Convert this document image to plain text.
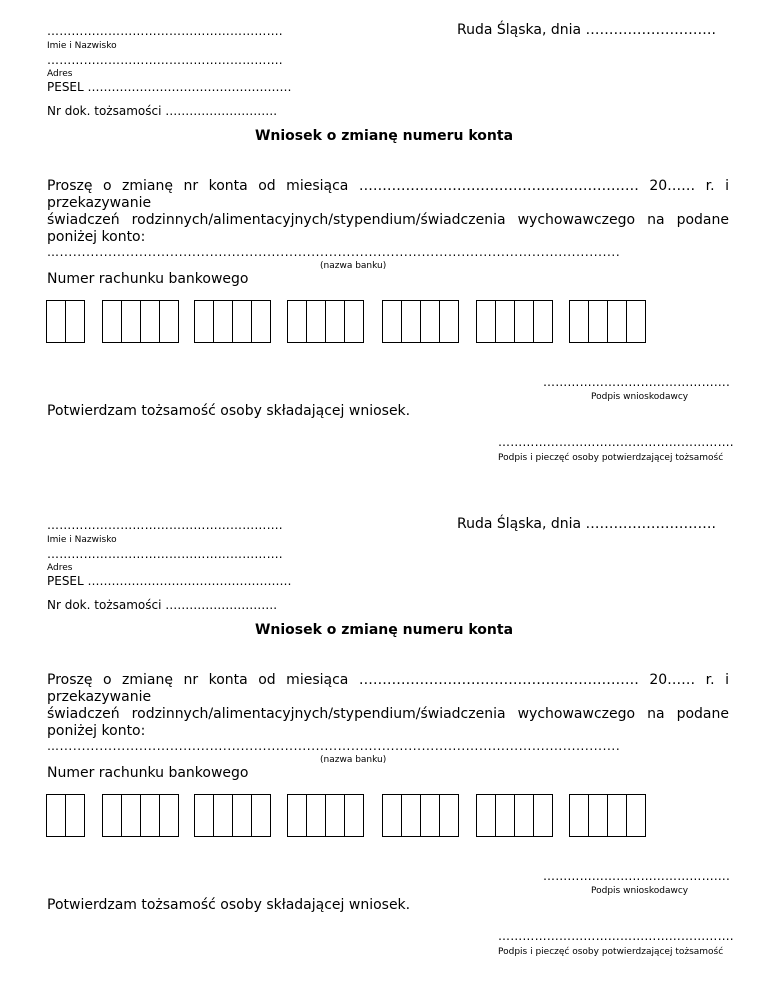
………………………………………………….
Imie i Nazwisko
………………………………………………….
Adres
PESEL ……………………………………………
Nr dok. tożsamości ……………………….
Ruda Śląska, dnia ……………………….
Wniosek o zmianę numeru konta
Proszę o zmianę nr konta od miesiąca …………………………………………………… 20…… r. i przekazywanie
świadczeń rodzinnych/alimentacyjnych/stypendium/świadczenia wychowawczego na podane
poniżej konto:
…...............................................................................................................................
(nazwa banku)
Numer rachunku bankowego
……………………………………….
Podpis wnioskodawcy
Potwierdzam tożsamość osoby składającej wniosek.
………………………………………………….
Podpis i pieczęć osoby potwierdzającej tożsamość
………………………………………………….
Imie i Nazwisko
………………………………………………….
Adres
PESEL ……………………………………………
Nr dok. tożsamości ……………………….
Ruda Śląska, dnia ……………………….
Wniosek o zmianę numeru konta
Proszę o zmianę nr konta od miesiąca …………………………………………………… 20…… r. i przekazywanie
świadczeń rodzinnych/alimentacyjnych/stypendium/świadczenia wychowawczego na podane
poniżej konto:
…...............................................................................................................................
(nazwa banku)
Numer rachunku bankowego
……………………………………….
Podpis wnioskodawcy
Potwierdzam tożsamość osoby składającej wniosek.
………………………………………………….
Podpis i pieczęć osoby potwierdzającej tożsamość
